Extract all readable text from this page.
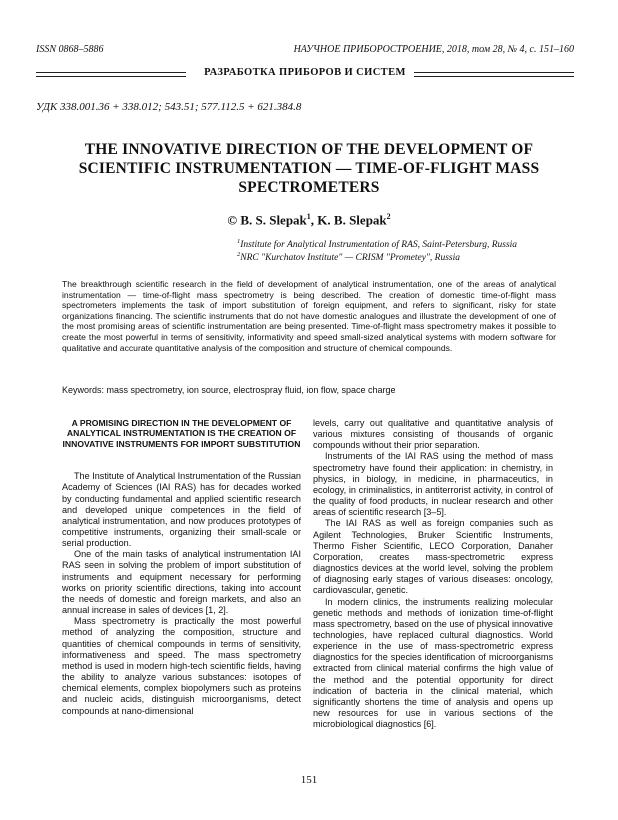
ISSN 0868–5886	НАУЧНОЕ ПРИБОРОСТРОЕНИЕ, 2018, том 28, № 4, c. 151–160
РАЗРАБОТКА ПРИБОРОВ И СИСТЕМ
УДК 338.001.36 + 338.012; 543.51; 577.112.5 + 621.384.8
THE INNOVATIVE DIRECTION OF THE DEVELOPMENT OF SCIENTIFIC INSTRUMENTATION — TIME-OF-FLIGHT MASS SPECTROMETERS
© B. S. Slepak$^1$, K. B. Slepak$^2$
$^1$Institute for Analytical Instrumentation of RAS, Saint-Petersburg, Russia
$^2$NRC "Kurchatov Institute" — CRISM "Prometey", Russia
The breakthrough scientific research in the field of development of analytical instrumentation, one of the areas of analytical instrumentation — time-of-flight mass spectrometry is being described. The creation of domestic time-of-flight mass spectrometers implements the task of import substitution of foreign equipment, and refers to significant, risky for state organizations financing. The scientific instruments that do not have domestic analogues and illustrate the development of one of the most promising areas of scientific instrumentation are being presented. Time-of-flight mass spectrometry makes it possible to create the most powerful in terms of sensitivity, informativity and speed small-sized analytical systems with modern software for qualitative and accurate quantitative analysis of the composition and structure of chemical compounds.
Keywords: mass spectrometry, ion source, electrospray fluid, ion flow, space charge
A PROMISING DIRECTION IN THE DEVELOPMENT OF ANALYTICAL INSTRUMENTATION IS THE CREATION OF INNOVATIVE INSTRUMENTS FOR IMPORT SUBSTITUTION

The Institute of Analytical Instrumentation of the Russian Academy of Sciences (IAI RAS) has for decades worked by conducting fundamental and applied scientific research and developed unique competences in the field of analytical instrumentation, and now produces prototypes of competitive instruments, organizing their small-scale or serial production.

One of the main tasks of analytical instrumentation IAI RAS seen in solving the problem of import substitution of instruments and equipment necessary for performing works on priority scientific directions, taking into account the needs of domestic and foreign markets, and also an annual increase in sales of devices [1, 2].

Mass spectrometry is practically the most powerful method of analyzing the composition, structure and quantities of chemical compounds in terms of sensitivity, informativeness and speed. The mass spectrometry method is used in modern high-tech scientific fields, having the ability to analyze various substances: isotopes of chemical elements, complex biopolymers such as proteins and nucleic acids, distinguish microorganisms, detect compounds at nano-dimensional

levels, carry out qualitative and quantitative analysis of various mixtures consisting of thousands of organic compounds without their prior separation.

Instruments of the IAI RAS using the method of mass spectrometry have found their application: in chemistry, in physics, in biology, in medicine, in pharmaceutics, in ecology, in criminalistics, in antiterrorist activity, in control of the quality of food products, in nuclear research and other areas of scientific research [3–5].

The IAI RAS as well as foreign companies such as Agilent Technologies, Bruker Scientific Instruments, Thermo Fisher Scientific, LECO Corporation, Danaher Corporation, creates mass-spectrometric express diagnostics devices at the world level, solving the problem of diagnosing early stages of various diseases: oncology, cardiovascular, genetic.

In modern clinics, the instruments realizing molecular genetic methods and methods of ionization time-of-flight mass spectrometry, based on the use of physical innovative technologies, have replaced cultural diagnostics. World experience in the use of mass-spectrometric express diagnostics for the species identification of microorganisms extracted from clinical material confirms the high value of the method and the potential opportunity for direct indication of bacteria in the clinical material, which significantly shortens the time of analysis and opens up new resources for use in various sections of the microbiological diagnostics [6].

151
